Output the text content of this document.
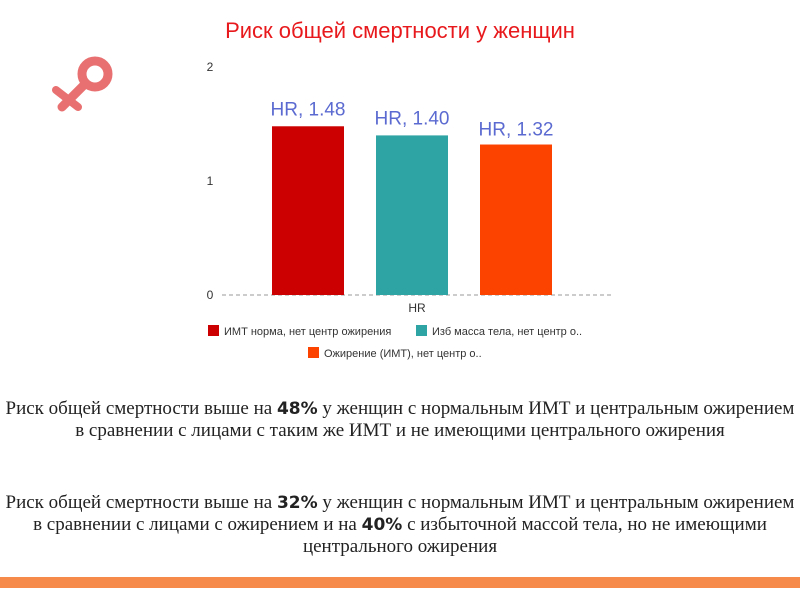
Риск общей смертности у женщин
0
1
2
HR, 1.48 HR, 1.40
HR, 1.32
HR
ИМТ норма, нет центр ожирения	Изб масса тела, нет центр о..
Ожирение (ИМТ), нет центр о..

Риск общей смертности выше на 48% у женщин с нормальным ИМТ и центральным ожирением в сравнении с лицами с таким же ИМТ и не имеющими центрального ожирения

Риск общей смертности выше на 32% у женщин с нормальным ИМТ и центральным ожирением в сравнении с лицами с ожирением и на 40% с избыточной массой тела, но не имеющими центрального ожирения
